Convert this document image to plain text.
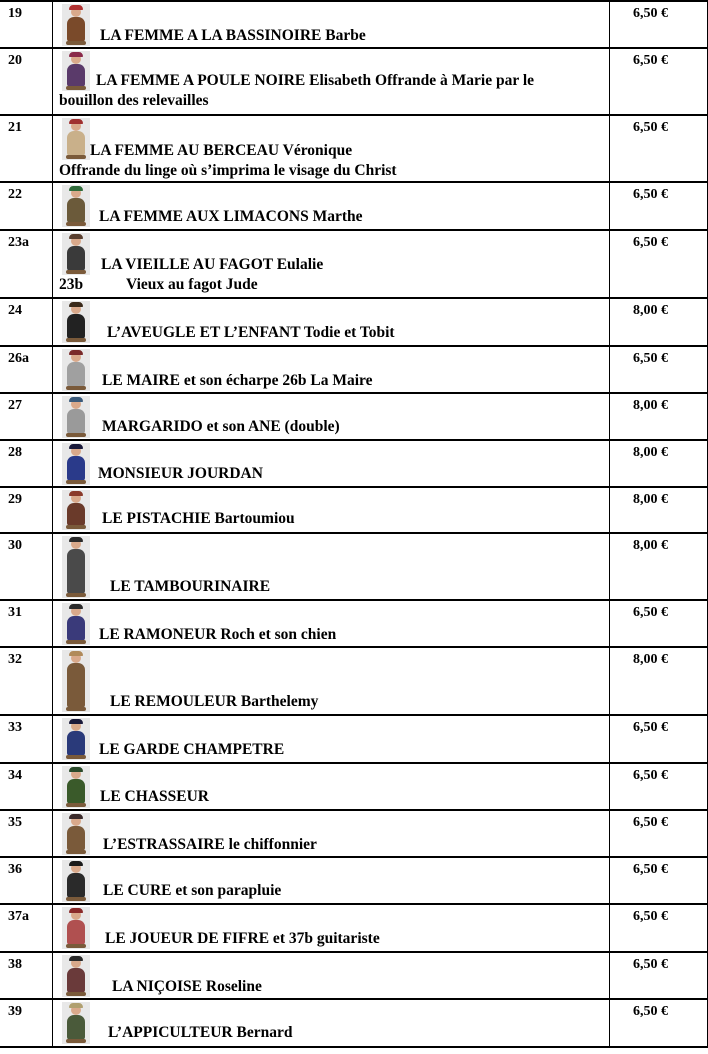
19
LA FEMME A LA BASSINOIRE Barbe
6,50 €
20
LA FEMME A POULE NOIRE Elisabeth Offrande à Marie par le
bouillon des relevailles
6,50 €
21
LA FEMME AU BERCEAU Véronique
Offrande du linge où s’imprima le visage du Christ
6,50 €
22
LA FEMME AUX LIMACONS Marthe
6,50 €
23a
LA VIEILLE AU FAGOT Eulalie
23b	Vieux au fagot Jude
6,50 €
24
L’AVEUGLE ET L’ENFANT Todie et Tobit
8,00 €
26a
LE MAIRE et son écharpe 26b La Maire
6,50 €
27
MARGARIDO et son ANE (double)
8,00 €
28
MONSIEUR JOURDAN
8,00 €
29
LE PISTACHIE Bartoumiou
8,00 €
30
LE TAMBOURINAIRE
8,00 €
31
LE RAMONEUR Roch et son chien
6,50 €
32
LE REMOULEUR Barthelemy
8,00 €
33
LE GARDE CHAMPETRE
6,50 €
34
LE CHASSEUR
6,50 €
35
L’ESTRASSAIRE le chiffonnier
6,50 €
36
LE CURE et son parapluie
6,50 €
37a
LE JOUEUR DE FIFRE et 37b guitariste
6,50 €
38
LA NIÇOISE Roseline
6,50 €
39
L’APPICULTEUR Bernard
6,50 €
